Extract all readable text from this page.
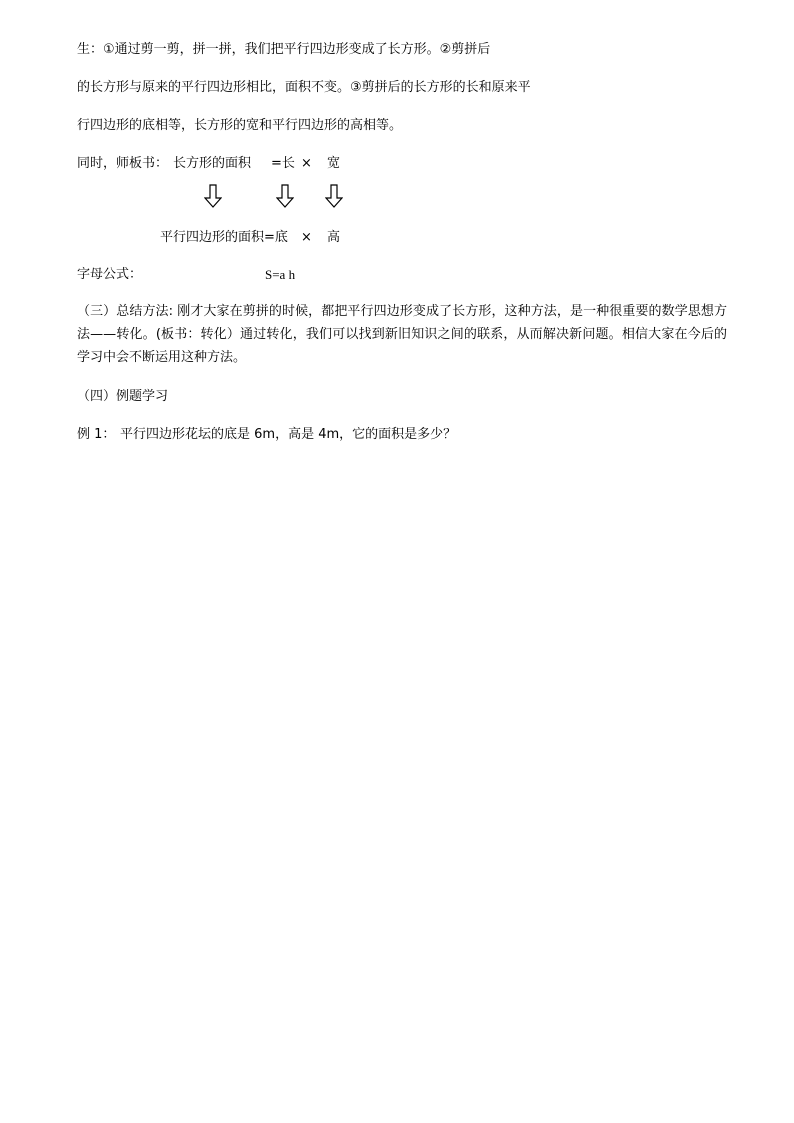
生：①通过剪一剪，拼一拼，我们把平行四边形变成了长方形。②剪拼后
的长方形与原来的平行四边形相比，面积不变。③剪拼后的长方形的长和原来平
行四边形的底相等，长方形的宽和平行四边形的高相等。
同时，师板书： 长方形的面积 =长 × 宽
平行四边形的面积=底 × 高
字母公式：	S=a h
（三）总结方法: 刚才大家在剪拼的时候，都把平行四边形变成了长方形，这种方法，是一种很重要的数学思想方法——转化。(板书：转化）通过转化，我们可以找到新旧知识之间的联系，从而解决新问题。相信大家在今后的学习中会不断运用这种方法。
（四）例题学习
例 1： 平行四边形花坛的底是 6m，高是 4m，它的面积是多少？
